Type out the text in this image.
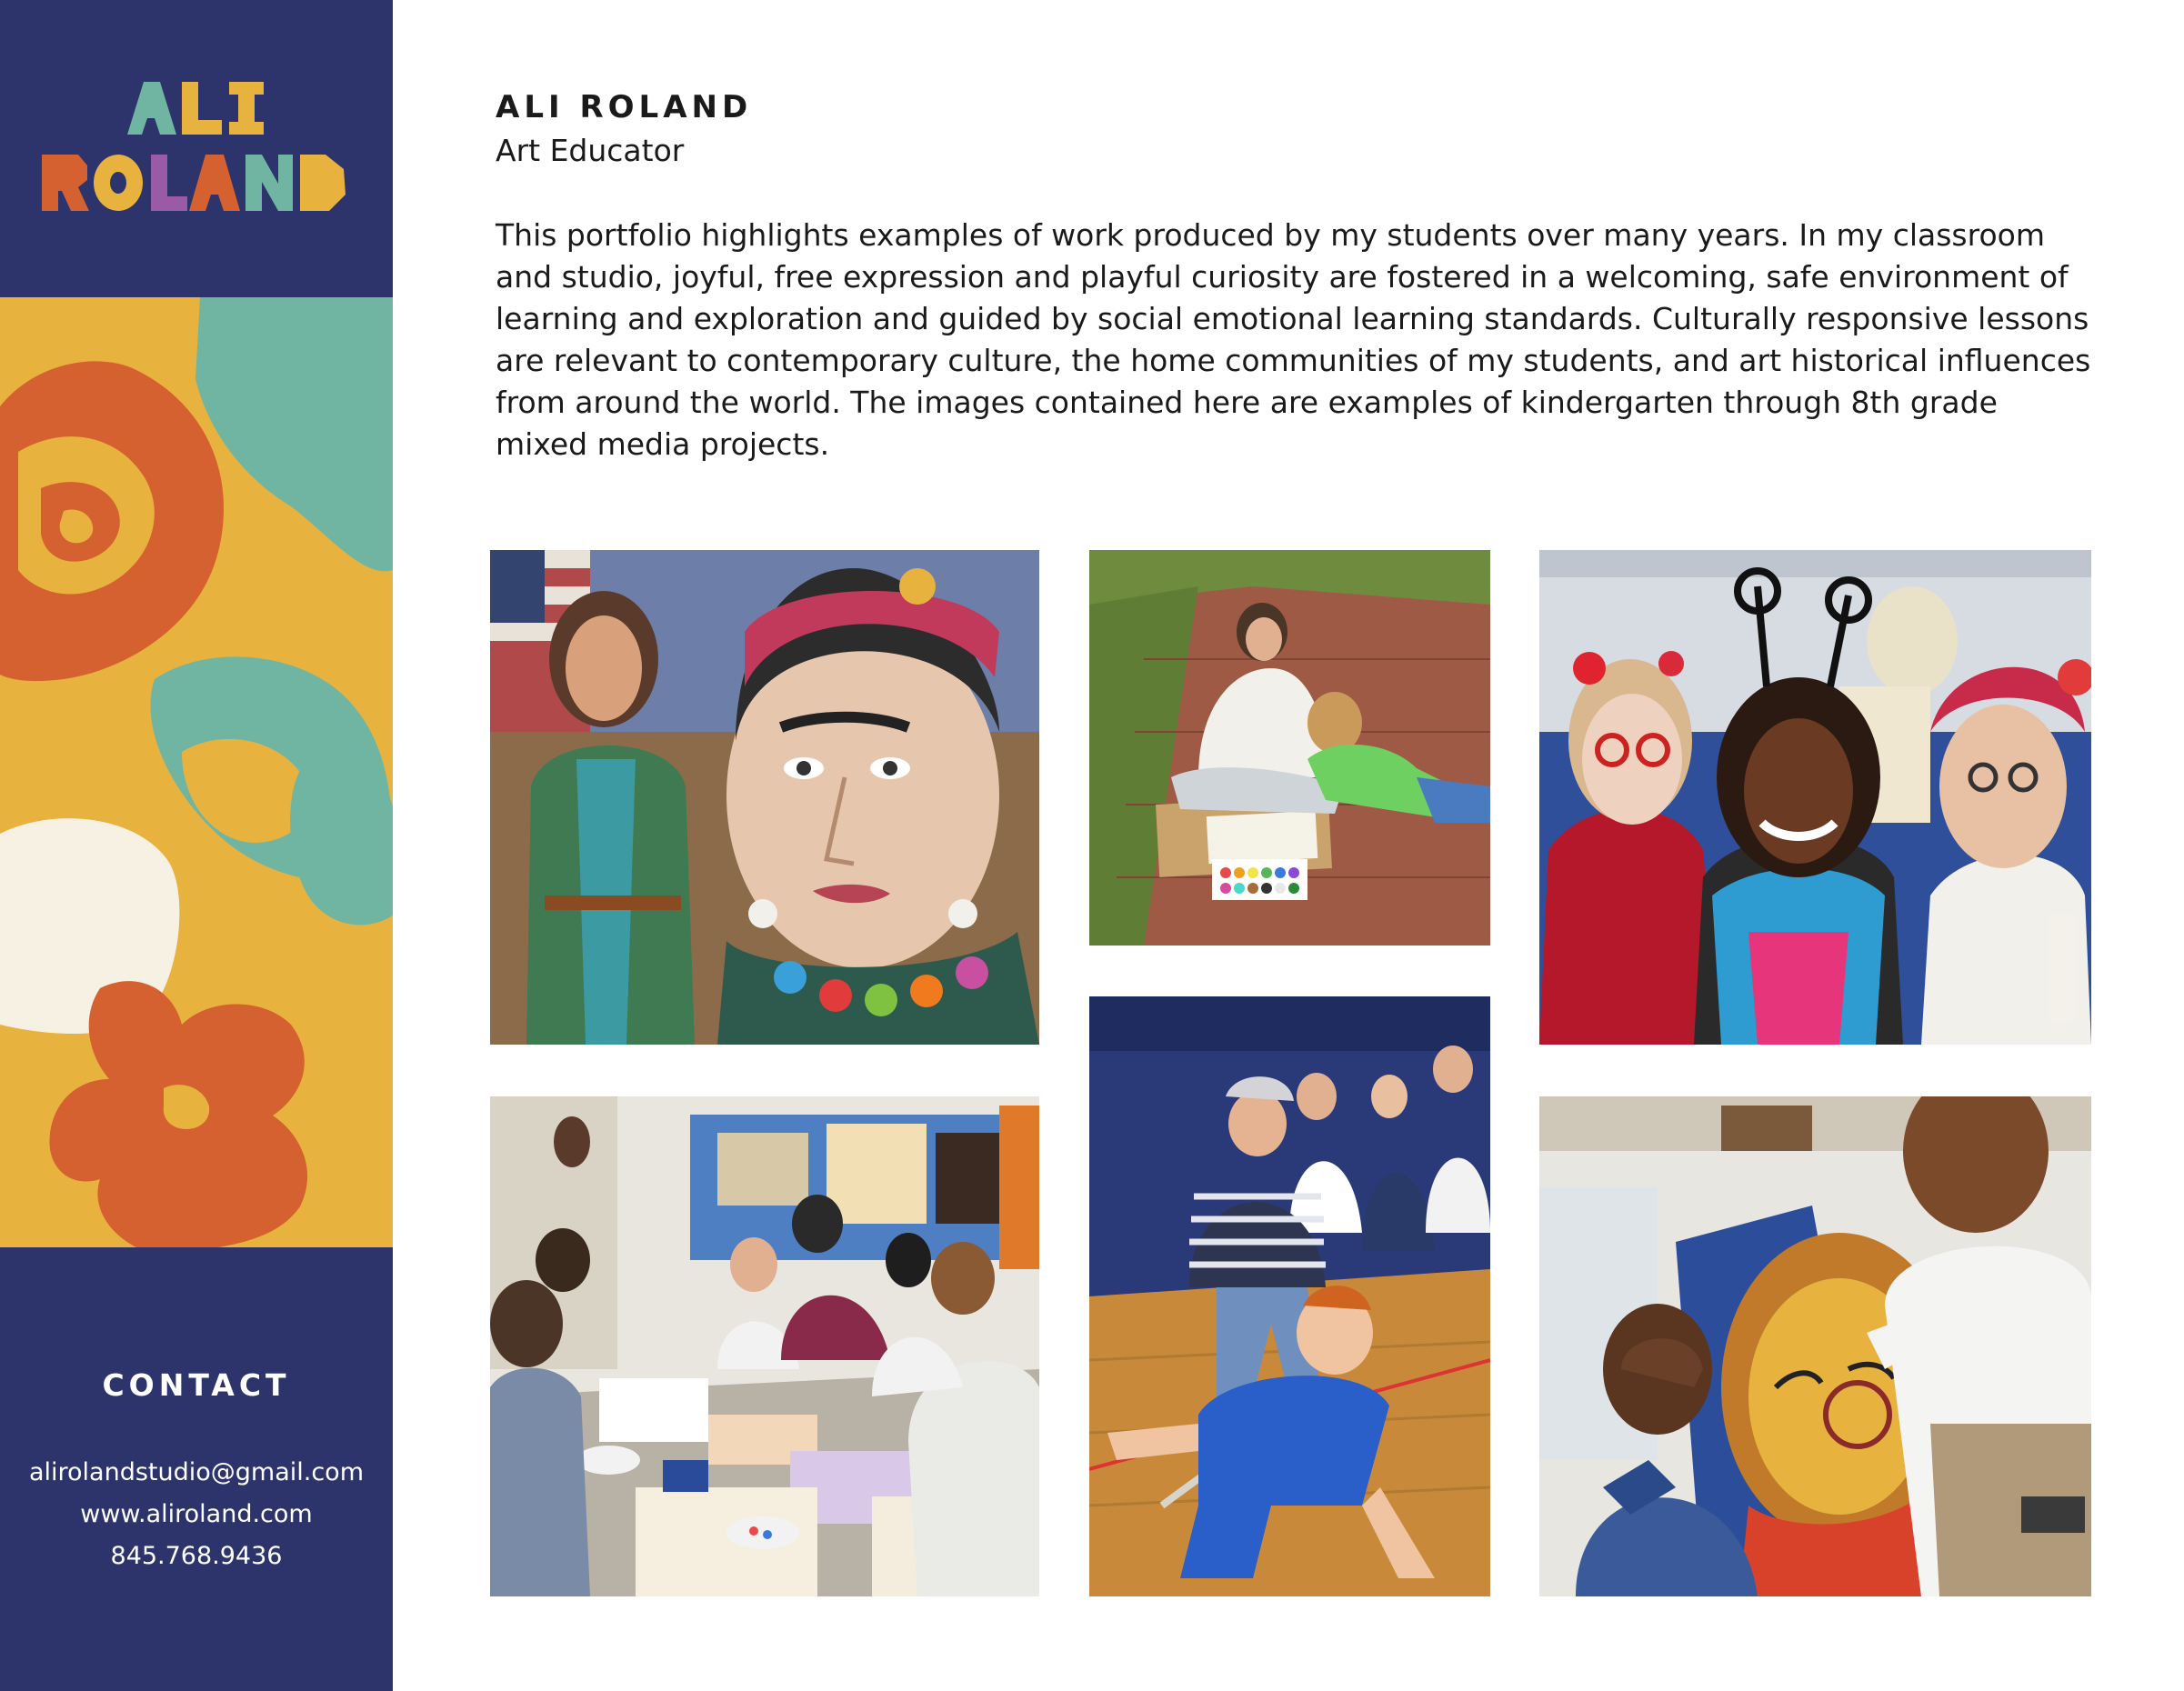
CONTACT
alirolandstudio@gmail.com
www.aliroland.com
845.768.9436
ALI ROLAND
Art Educator

This portfolio highlights examples of work produced by my students over many years. In my classroom and studio, joyful, free expression and playful curiosity are fostered in a welcoming, safe environment of learning and exploration and guided by social emotional learning standards. Culturally responsive lessons are relevant to contemporary culture, the home communities of my students, and art historical influences from around the world. The images contained here are examples of kindergarten through 8th grade mixed media projects.
